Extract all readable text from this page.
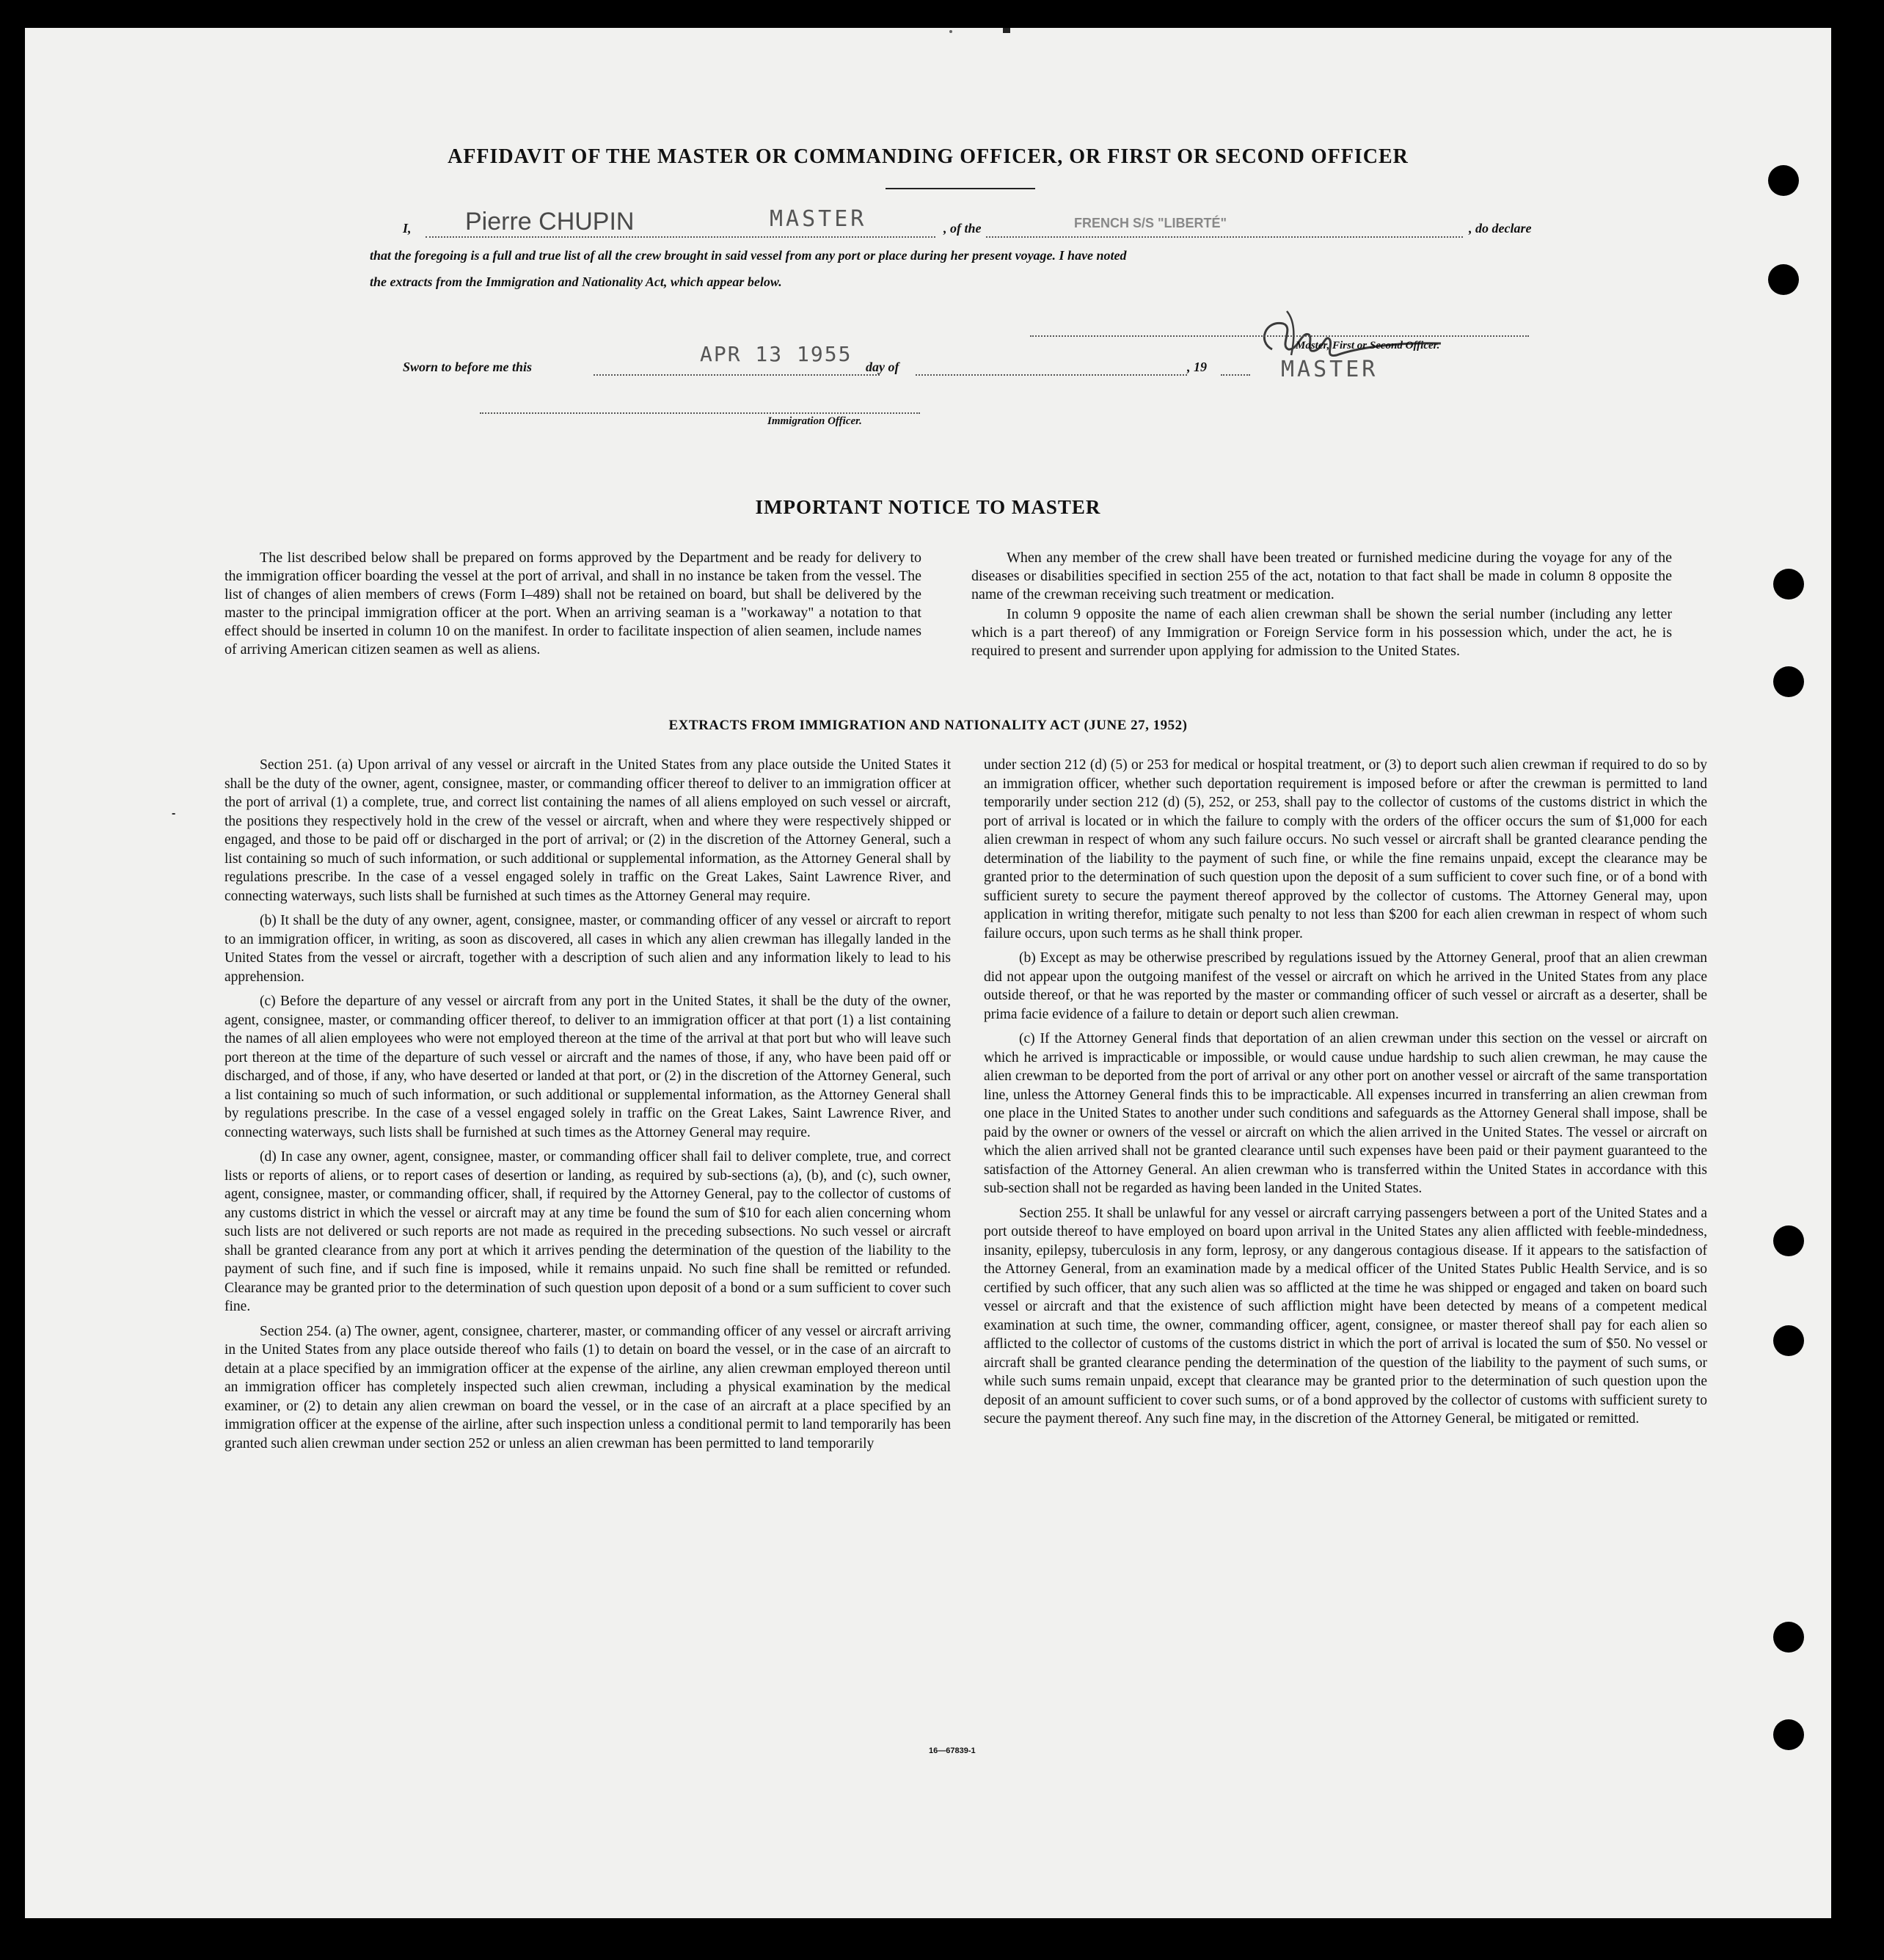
AFFIDAVIT OF THE MASTER OR COMMANDING OFFICER, OR FIRST OR SECOND OFFICER
I, Pierre CHUPIN	MASTER	, of the	FRENCH S/S "LIBERTÉ"	, do declare
that the foregoing is a full and true list of all the crew brought in said vessel from any port or place during her present voyage. I have noted
the extracts from the Immigration and Nationality Act, which appear below.
Master, First or Second Officer.
Sworn to before me this
APR 13 1955
day of	, 19	MASTER
Immigration Officer.
IMPORTANT NOTICE TO MASTER

The list described below shall be prepared on forms approved by the Department and be ready for delivery to the immigration officer boarding the vessel at the port of arrival, and shall in no instance be taken from the vessel. The list of changes of alien members of crews (Form I–489) shall not be retained on board, but shall be delivered by the master to the principal immigration officer at the port. When an arriving seaman is a "workaway" a notation to that effect should be inserted in column 10 on the manifest. In order to facilitate inspection of alien seamen, include names of arriving American citizen seamen as well as aliens.

When any member of the crew shall have been treated or furnished medicine during the voyage for any of the diseases or disabilities specified in section 255 of the act, notation to that fact shall be made in column 8 opposite the name of the crewman receiving such treatment or medication.

In column 9 opposite the name of each alien crewman shall be shown the serial number (including any letter which is a part thereof) of any Immigration or Foreign Service form in his possession which, under the act, he is required to present and surrender upon applying for admission to the United States.

EXTRACTS FROM IMMIGRATION AND NATIONALITY ACT (JUNE 27, 1952)

Section 251. (a) Upon arrival of any vessel or aircraft in the United States from any place outside the United States it shall be the duty of the owner, agent, consignee, master, or commanding officer thereof to deliver to an immigration officer at the port of arrival (1) a complete, true, and correct list containing the names of all aliens employed on such vessel or aircraft, the positions they respectively hold in the crew of the vessel or aircraft, when and where they were respectively shipped or engaged, and those to be paid off or discharged in the port of arrival; or (2) in the discretion of the Attorney General, such a list containing so much of such information, or such additional or supplemental information, as the Attorney General shall by regulations prescribe. In the case of a vessel engaged solely in traffic on the Great Lakes, Saint Lawrence River, and connecting waterways, such lists shall be furnished at such times as the Attorney General may require.

(b) It shall be the duty of any owner, agent, consignee, master, or commanding officer of any vessel or aircraft to report to an immigration officer, in writing, as soon as discovered, all cases in which any alien crewman has illegally landed in the United States from the vessel or aircraft, together with a description of such alien and any information likely to lead to his apprehension.

(c) Before the departure of any vessel or aircraft from any port in the United States, it shall be the duty of the owner, agent, consignee, master, or commanding officer thereof, to deliver to an immigration officer at that port (1) a list containing the names of all alien employees who were not employed thereon at the time of the arrival at that port but who will leave such port thereon at the time of the departure of such vessel or aircraft and the names of those, if any, who have been paid off or discharged, and of those, if any, who have deserted or landed at that port, or (2) in the discretion of the Attorney General, such a list containing so much of such information, or such additional or supplemental information, as the Attorney General shall by regulations prescribe. In the case of a vessel engaged solely in traffic on the Great Lakes, Saint Lawrence River, and connecting waterways, such lists shall be furnished at such times as the Attorney General may require.

(d) In case any owner, agent, consignee, master, or commanding officer shall fail to deliver complete, true, and correct lists or reports of aliens, or to report cases of desertion or landing, as required by sub-sections (a), (b), and (c), such owner, agent, consignee, master, or commanding officer, shall, if required by the Attorney General, pay to the collector of customs of any customs district in which the vessel or aircraft may at any time be found the sum of $10 for each alien concerning whom such lists are not delivered or such reports are not made as required in the preceding subsections. No such vessel or aircraft shall be granted clearance from any port at which it arrives pending the determination of the question of the liability to the payment of such fine, and if such fine is imposed, while it remains unpaid. No such fine shall be remitted or refunded. Clearance may be granted prior to the determination of such question upon deposit of a bond or a sum sufficient to cover such fine.

Section 254. (a) The owner, agent, consignee, charterer, master, or commanding officer of any vessel or aircraft arriving in the United States from any place outside thereof who fails (1) to detain on board the vessel, or in the case of an aircraft to detain at a place specified by an immigration officer at the expense of the airline, any alien crewman employed thereon until an immigration officer has completely inspected such alien crewman, including a physical examination by the medical examiner, or (2) to detain any alien crewman on board the vessel, or in the case of an aircraft at a place specified by an immigration officer at the expense of the airline, after such inspection unless a conditional permit to land temporarily has been granted such alien crewman under section 252 or unless an alien crewman has been permitted to land temporarily

under section 212 (d) (5) or 253 for medical or hospital treatment, or (3) to deport such alien crewman if required to do so by an immigration officer, whether such deportation requirement is imposed before or after the crewman is permitted to land temporarily under section 212 (d) (5), 252, or 253, shall pay to the collector of customs of the customs district in which the port of arrival is located or in which the failure to comply with the orders of the officer occurs the sum of $1,000 for each alien crewman in respect of whom any such failure occurs. No such vessel or aircraft shall be granted clearance pending the determination of the liability to the payment of such fine, or while the fine remains unpaid, except the clearance may be granted prior to the determination of such question upon the deposit of a sum sufficient to cover such fine, or of a bond with sufficient surety to secure the payment thereof approved by the collector of customs. The Attorney General may, upon application in writing therefor, mitigate such penalty to not less than $200 for each alien crewman in respect of whom such failure occurs, upon such terms as he shall think proper.

(b) Except as may be otherwise prescribed by regulations issued by the Attorney General, proof that an alien crewman did not appear upon the outgoing manifest of the vessel or aircraft on which he arrived in the United States from any place outside thereof, or that he was reported by the master or commanding officer of such vessel or aircraft as a deserter, shall be prima facie evidence of a failure to detain or deport such alien crewman.

(c) If the Attorney General finds that deportation of an alien crewman under this section on the vessel or aircraft on which he arrived is impracticable or impossible, or would cause undue hardship to such alien crewman, he may cause the alien crewman to be deported from the port of arrival or any other port on another vessel or aircraft of the same transportation line, unless the Attorney General finds this to be impracticable. All expenses incurred in transferring an alien crewman from one place in the United States to another under such conditions and safeguards as the Attorney General shall impose, shall be paid by the owner or owners of the vessel or aircraft on which the alien arrived in the United States. The vessel or aircraft on which the alien arrived shall not be granted clearance until such expenses have been paid or their payment guaranteed to the satisfaction of the Attorney General. An alien crewman who is transferred within the United States in accordance with this sub-section shall not be regarded as having been landed in the United States.

Section 255. It shall be unlawful for any vessel or aircraft carrying passengers between a port of the United States and a port outside thereof to have employed on board upon arrival in the United States any alien afflicted with feeble-mindedness, insanity, epilepsy, tuberculosis in any form, leprosy, or any dangerous contagious disease. If it appears to the satisfaction of the Attorney General, from an examination made by a medical officer of the United States Public Health Service, and is so certified by such officer, that any such alien was so afflicted at the time he was shipped or engaged and taken on board such vessel or aircraft and that the existence of such affliction might have been detected by means of a competent medical examination at such time, the owner, commanding officer, agent, consignee, or master thereof shall pay for each alien so afflicted to the collector of customs of the customs district in which the port of arrival is located the sum of $50. No vessel or aircraft shall be granted clearance pending the determination of the question of the liability to the payment of such sums, or while such sums remain unpaid, except that clearance may be granted prior to the determination of such question upon the deposit of an amount sufficient to cover such sums, or of a bond approved by the collector of customs with sufficient surety to secure the payment thereof. Any such fine may, in the discretion of the Attorney General, be mitigated or remitted.

16—67839-1
-
